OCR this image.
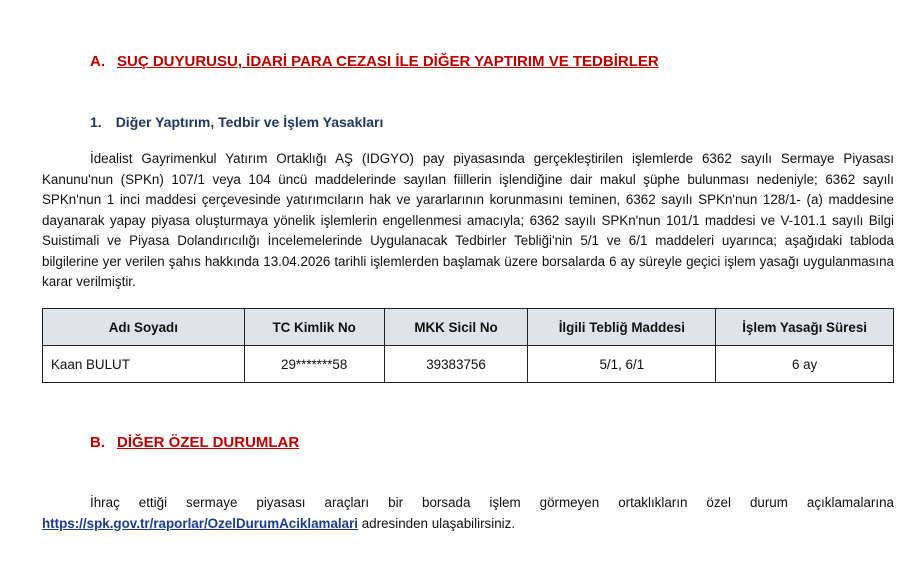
A. SUÇ DUYURUSU, İDARİ PARA CEZASI İLE DİĞER YAPTIRIM VE TEDBİRLER
1. Diğer Yaptırım, Tedbir ve İşlem Yasakları

İdealist Gayrimenkul Yatırım Ortaklığı AŞ (IDGYO) pay piyasasında gerçekleştirilen işlemlerde 6362 sayılı Sermaye Piyasası Kanunu'nun (SPKn) 107/1 veya 104 üncü maddelerinde sayılan fiillerin işlendiğine dair makul şüphe bulunması nedeniyle; 6362 sayılı SPKn'nun 1 inci maddesi çerçevesinde yatırımcıların hak ve yararlarının korunmasını teminen, 6362 sayılı SPKn'nun 128/1- (a) maddesine dayanarak yapay piyasa oluşturmaya yönelik işlemlerin engellenmesi amacıyla; 6362 sayılı SPKn'nun 101/1 maddesi ve V-101.1 sayılı Bilgi Suistimali ve Piyasa Dolandırıcılığı İncelemelerinde Uygulanacak Tedbirler Tebliği'nin 5/1 ve 6/1 maddeleri uyarınca; aşağıdaki tabloda bilgilerine yer verilen şahıs hakkında 13.04.2026 tarihli işlemlerden başlamak üzere borsalarda 6 ay süreyle geçici işlem yasağı uygulanmasına karar verilmiştir.

Adı Soyadı	TC Kimlik No	MKK Sicil No	İlgili Tebliğ Maddesi	İşlem Yasağı Süresi
Kaan BULUT	29*******58	39383756	5/1, 6/1	6 ay
B. DİĞER ÖZEL DURUMLAR

İhraç ettiği sermaye piyasası araçları bir borsada işlem görmeyen ortaklıkların özel durum açıklamalarına
https://spk.gov.tr/raporlar/OzelDurumAciklamalari adresinden ulaşabilirsiniz.
